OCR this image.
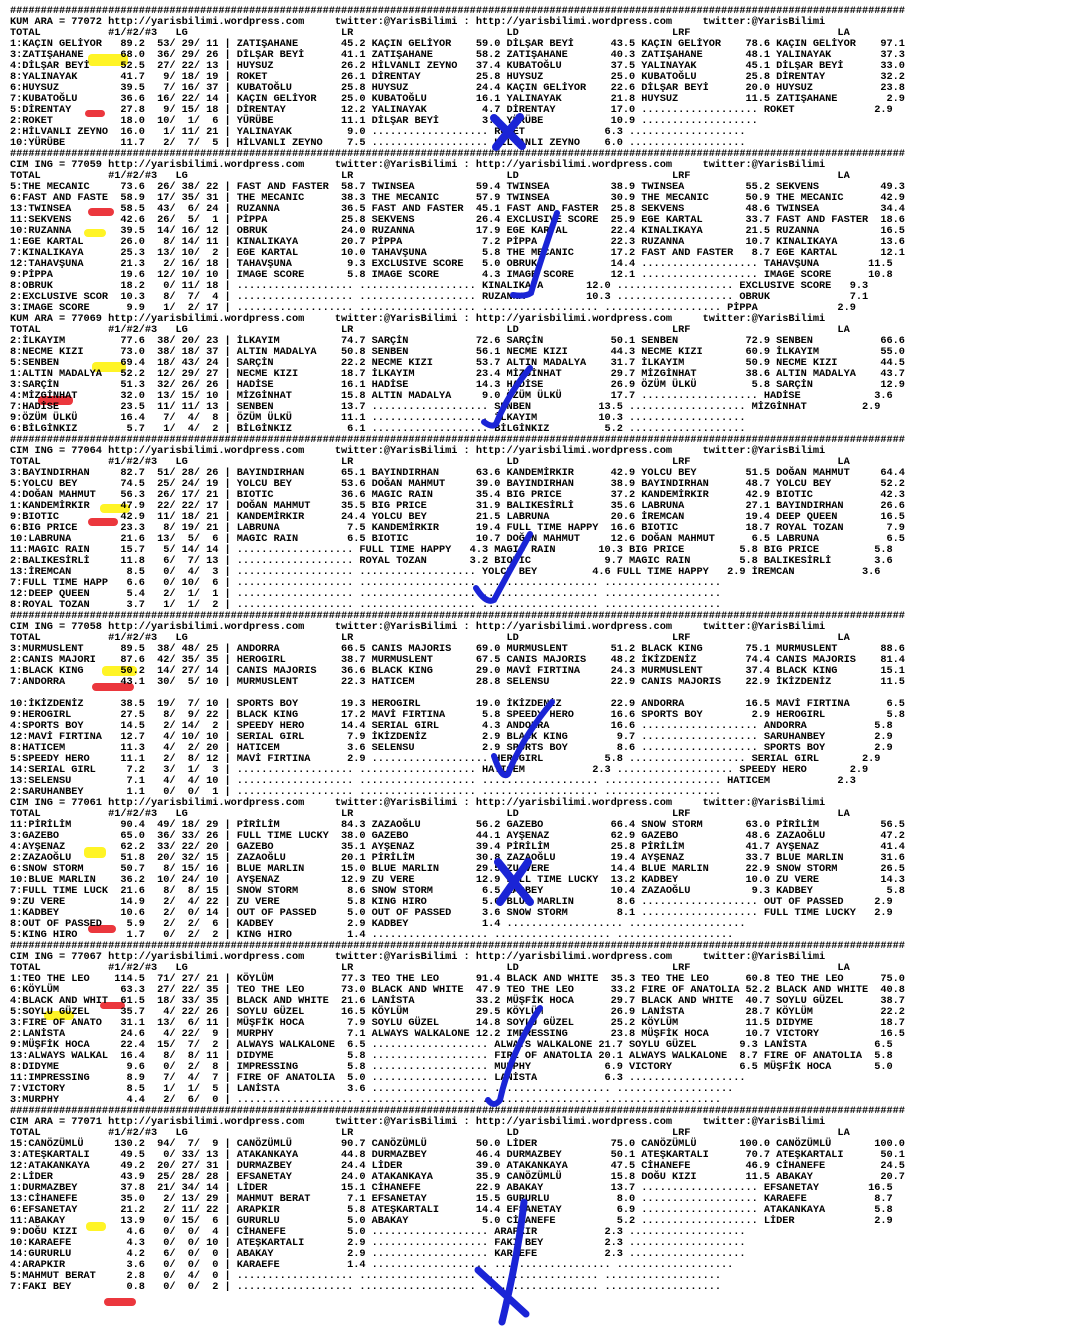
##################################################################################################################################################
KUM ARA = 77072 http://yarisbilimi.wordpress.com     twitter:@YarisBilimi : http://yarisbilimi.wordpress.com     twitter:@YarisBilimi
TOTAL           #1/#2/#3   LG                         LR                         LD                         LRF                        LA
1:KAÇIN GELİYOR   89.2  53/ 29/ 11 | ZATIŞAHANE       45.2 KAÇIN GELİYOR    59.0 DİLŞAR BEYİ      43.5 KAÇIN GELİYOR    78.6 KAÇIN GELİYOR    97.1
3:ZATIŞAHANE      68.0  36/ 29/ 26 | DİLŞAR BEYİ      41.1 ZATIŞAHANE       58.2 ZATIŞAHANE       40.3 ZATIŞAHANE       48.1 YALINAYAK        37.3
4:DİLŞAR BEYİ     52.5  27/ 22/ 13 | HUYSUZ           26.2 HİLVANLI ZEYNO   37.4 KUBATOĞLU        37.5 YALINAYAK        45.1 DİLŞAR BEYİ      33.0
8:YALINAYAK       41.7   9/ 18/ 19 | ROKET            26.1 DİRENTAY         25.8 HUYSUZ           25.0 KUBATOĞLU        25.8 DİRENTAY         32.2
6:HUYSUZ          39.5   7/ 16/ 37 | KUBATOĞLU        25.8 HUYSUZ           24.4 KAÇIN GELİYOR    22.6 DİLŞAR BEYİ      20.0 HUYSUZ           23.8
7:KUBATOĞLU       36.6  16/ 22/ 14 | KAÇIN GELİYOR    25.0 KUBATOĞLU        16.1 YALINAYAK        21.8 HUYSUZ           11.5 ZATIŞAHANE        2.9
5:DİRENTAY        27.8   9/ 15/ 18 | DİRENTAY         12.2 YALINAYAK         4.7 DİRENTAY         17.0 ................... ROKET             2.9
2:ROKET           18.0  10/  1/  6 | YÜRÜBE           11.1 DİLŞAR BEYİ       3.6 YÜRÜBE           10.9 ...................
2:HİLVANLI ZEYNO  16.0   1/ 11/ 21 | YALINAYAK         9.0 ................... ROKET             6.3 ...................
10:YÜRÜBE         11.7   2/  7/  5 | HİLVANLI ZEYNO    7.5 ................... HİLVANLI ZEYNO    6.0 ...................
##################################################################################################################################################
CIM ING = 77059 http://yarisbilimi.wordpress.com     twitter:@YarisBilimi : http://yarisbilimi.wordpress.com     twitter:@YarisBilimi
TOTAL           #1/#2/#3   LG                         LR                         LD                         LRF                        LA
5:THE MECANIC     73.6  26/ 38/ 22 | FAST AND FASTER  58.7 TWINSEA          59.4 TWINSEA          38.9 TWINSEA          55.2 SEKVENS          49.3
6:FAST AND FASTE  58.9  17/ 35/ 31 | THE MECANIC      38.3 THE MECANIC      57.9 TWINSEA          30.9 THE MECANIC      50.9 THE MECANIC      42.9
13:TWINSEA        58.5  43/  6/ 24 | RUZANNA          36.5 FAST AND FASTER  45.1 FAST AND FASTER  25.8 SEKVENS          48.6 TWINSEA          34.4
11:SEKVENS        42.6  26/  5/  1 | PİPPA            25.8 SEKVENS          26.4 EXCLUSIVE SCORE  25.9 EGE KARTAL       33.7 FAST AND FASTER  18.6
10:RUZANNA        39.5  14/ 16/ 12 | OBRUK            24.0 RUZANNA          17.9 EGE KARTAL       22.4 KINALIKAYA       21.5 RUZANNA          16.5
1:EGE KARTAL      26.0   8/ 14/ 11 | KINALIKAYA       20.7 PİPPA             7.2 PİPPA            22.3 RUZANNA          10.7 KINALIKAYA       13.6
7:KINALIKAYA      25.3  13/ 10/  2 | EGE KARTAL       10.0 TAHAVŞUNA         5.8 THE MECANIC      17.2 FAST AND FASTER   8.7 EGE KARTAL       12.1
12:TAHAVŞUNA      21.3   2/ 16/ 18 | TAHAVŞUNA         9.3 EXCLUSIVE SCORE   5.0 OBRUK            14.4 ................... TAHAVŞUNA        11.5
9:PİPPA           19.6  12/ 10/ 10 | IMAGE SCORE       5.8 IMAGE SCORE       4.3 IMAGE SCORE      12.1 ................... IMAGE SCORE      10.8
8:OBRUK           18.2   0/ 11/ 18 | ................... ................... KINALIKAYA       12.0 ................... EXCLUSIVE SCORE   9.3
2:EXCLUSIVE SCOR  10.3   8/  7/  4 | ................... ................... RUZANNA          10.3 ................... OBRUK             7.1
3:IMAGE SCORE      9.9   1/  2/ 17 | ................... ................... ................... ................... PİPPA             2.9
KUM ARA = 77069 http://yarisbilimi.wordpress.com     twitter:@YarisBilimi : http://yarisbilimi.wordpress.com     twitter:@YarisBilimi
TOTAL           #1/#2/#3   LG                         LR                         LD                         LRF                        LA
2:İLKAYIM         77.6  38/ 20/ 23 | İLKAYIM          74.7 SARÇİN           72.6 SARÇİN           50.1 SENBEN           72.9 SENBEN           66.6
8:NECME KIZI      73.0  38/ 18/ 37 | ALTIN MADALYA    50.8 SENBEN           56.1 NECME KIZI       44.3 NECME KIZI       60.9 İLKAYIM          55.0
5:SENBEN          69.4  18/ 43/ 24 | SARÇİN           22.2 NECME KIZI       53.7 ALTIN MADALYA    31.7 İLKAYIM          50.9 NECME KIZI       44.5
1:ALTIN MADALYA   52.2  12/ 29/ 27 | NECME KIZI       18.7 İLKAYIM          23.4 MİZGİNHAT        29.7 MİZGİNHAT        38.6 ALTIN MADALYA    43.7
3:SARÇİN          51.3  32/ 26/ 26 | HADİSE           16.1 HADİSE           14.3 HADİSE           26.9 ÖZÜM ÜLKÜ         5.8 SARÇİN           12.9
4:MİZGİNHAT       32.0  13/ 15/ 10 | MİZGİNHAT        15.8 ALTIN MADALYA     9.0 ÖZÜM ÜLKÜ        17.7 ................... HADİSE            3.6
7:HADİSE          23.5  11/ 11/ 13 | SENBEN           13.7 ................... SENBEN           13.5 ................... MİZGİNHAT         2.9
9:ÖZÜM ÜLKÜ       16.4   7/  4/  8 | ÖZÜM ÜLKÜ        11.1 ................... İLKAYIM          10.3 ...................
6:BİLGİNKIZ        5.7   1/  4/  2 | BİLGİNKIZ         6.1 ................... BİLGİNKIZ         5.2 ...................
##################################################################################################################################################
CIM ING = 77064 http://yarisbilimi.wordpress.com     twitter:@YarisBilimi : http://yarisbilimi.wordpress.com     twitter:@YarisBilimi
TOTAL           #1/#2/#3   LG                         LR                         LD                         LRF                        LA
3:BAYINDIRHAN     82.7  51/ 28/ 26 | BAYINDIRHAN      65.1 BAYINDIRHAN      63.6 KANDEMİRKIR      42.9 YOLCU BEY        51.5 DOĞAN MAHMUT     64.4
5:YOLCU BEY       74.5  25/ 24/ 19 | YOLCU BEY        53.6 DOĞAN MAHMUT     39.0 BAYINDIRHAN      38.9 BAYINDIRHAN      48.7 YOLCU BEY        52.2
4:DOĞAN MAHMUT    56.3  26/ 17/ 21 | BIOTIC           36.6 MAGIC RAIN       35.4 BIG PRICE        37.2 KANDEMİRKIR      42.9 BIOTIC           42.3
1:KANDEMİRKIR     47.9  22/ 22/ 17 | DOĞAN MAHMUT     35.5 BIG PRICE        31.9 BALIKESİRLİ      35.6 LABRUNA          27.1 BAYINDIRHAN      26.6
9:BIOTIC          42.9  11/ 18/ 21 | KANDEMİRKIR      24.4 YOLCU BEY        21.5 LABRUNA          20.6 İREMCAN          19.4 DEEP QUEEN       16.5
6:BIG PRICE       23.3   8/ 19/ 21 | LABRUNA           7.5 KANDEMİRKIR      19.4 FULL TIME HAPPY  16.6 BIOTIC           18.7 ROYAL TOZAN       7.9
10:LABRUNA        21.6  13/  5/  6 | MAGIC RAIN        6.5 BIOTIC           10.7 DOĞAN MAHMUT     12.6 DOĞAN MAHMUT      6.5 LABRUNA           6.5
11:MAGIC RAIN     15.7   5/ 14/ 14 | ................... FULL TIME HAPPY   4.3 MAGIC RAIN       10.3 BIG PRICE         5.8 BIG PRICE         5.8
2:BALIKESİRLİ     11.8   6/  7/ 13 | ................... ROYAL TOZAN       3.2 BIOTIC            9.7 MAGIC RAIN        5.8 BALIKESİRLİ       3.6
13:İREMCAN         8.5   0/  4/  3 | ................... ................... YOLCU BEY         4.6 FULL TIME HAPPY   2.9 İREMCAN           3.6
7:FULL TIME HAPP   6.6   0/ 10/  6 | ................... ................... ................... ...................
12:DEEP QUEEN      5.4   2/  1/  1 | ................... ................... ................... ...................
8:ROYAL TOZAN      3.7   1/  1/  2 | ................... ................... ................... ...................
##################################################################################################################################################
CIM ING = 77058 http://yarisbilimi.wordpress.com     twitter:@YarisBilimi : http://yarisbilimi.wordpress.com     twitter:@YarisBilimi
TOTAL           #1/#2/#3   LG                         LR                         LD                         LRF                        LA
3:MURMUSLENT      89.5  38/ 48/ 25 | ANDORRA          66.5 CANIS MAJORIS    69.0 MURMUSLENT       51.2 BLACK KING       75.1 MURMUSLENT       88.6
2:CANIS MAJORI    87.6  42/ 35/ 35 | HEROGIRL         38.7 MURMUSLENT       67.5 CANIS MAJORIS    48.2 İKİZDENİZ        74.4 CANIS MAJORIS    81.4
1:BLACK KING      50.2  14/ 27/ 14 | CANIS MAJORIS    36.6 BLACK KING       29.0 MAVİ FIRTINA     24.3 MURMUSLENT       37.4 BLACK KING       15.1
7:ANDORRA         43.1  30/  5/ 10 | MURMUSLENT       22.3 HATICEM          28.8 SELENSU          22.9 CANIS MAJORIS    22.9 İKİZDENİZ        11.5
10:İKİZDENİZ      38.5  19/  7/ 10 | SPORTS BOY       19.3 HEROGIRL         19.0 İKİZDENİZ        22.9 ANDORRA          16.5 MAVİ FIRTINA      6.5
9:HEROGIRL        27.5   8/  9/ 22 | BLACK KING       17.2 MAVİ FIRTINA      5.8 SPEEDY HERO      16.6 SPORTS BOY        2.9 HEROGIRL          5.8
4:SPORTS BOY      14.5   2/ 14/  2 | SPEEDY HERO      14.4 SERIAL GIRL       4.3 ANDORRA          16.6 ................... ANDORRA           5.8
12:MAVİ FIRTINA   12.7   4/ 10/ 10 | SERIAL GIRL       7.9 İKİZDENİZ         2.9 BLACK KING        9.7 ................... SARUHANBEY        2.9
8:HATICEM         11.3   4/  2/ 20 | HATICEM           3.6 SELENSU           2.9 SPORTS BOY        8.6 ................... SPORTS BOY        2.9
5:SPEEDY HERO     11.1   2/  8/ 12 | MAVİ FIRTINA      2.9 ................... HEROGIRL          5.8 ................... SERIAL GIRL       2.9
14:SERIAL GIRL     7.2   3/  1/  3 | ................... ................... HATICEM           2.3 ................... SPEEDY HERO       2.9
13:SELENSU         7.1   4/  4/ 10 | ................... ................... ................... ................... HATICEM           2.3
2:SARUHANBEY       1.1   0/  0/  1 | ................... ................... ................... ...................
CIM ING = 77061 http://yarisbilimi.wordpress.com     twitter:@YarisBilimi : http://yarisbilimi.wordpress.com     twitter:@YarisBilimi
TOTAL           #1/#2/#3   LG                         LR                         LD                         LRF                        LA
11:PİRİLİM        90.4  49/ 18/ 29 | PİRİLİM          84.3 ZAZAOĞLU         56.2 GAZEBO           66.4 SNOW STORM       63.0 PİRİLİM          56.5
3:GAZEBO          65.0  36/ 33/ 26 | FULL TIME LUCKY  38.0 GAZEBO           44.1 AYŞENAZ          62.9 GAZEBO           48.6 ZAZAOĞLU         47.2
4:AYŞENAZ         62.2  33/ 22/ 20 | GAZEBO           35.1 AYŞENAZ          39.4 PİRİLİM          25.8 PİRİLİM          41.7 AYŞENAZ          41.4
2:ZAZAOĞLU        51.8  20/ 32/ 15 | ZAZAOĞLU         20.1 PİRİLİM          30.8 ZAZAOĞLU         19.4 AYŞENAZ          33.7 BLUE MARLIN      31.6
6:SNOW STORM      50.7   8/ 15/ 16 | BLUE MARLIN      15.0 BLUE MARLIN      29.5 ZU VERE          14.4 BLUE MARLIN      22.9 SNOW STORM       26.5
10:BLUE MARLIN    36.2  10/ 24/ 10 | AYŞENAZ          12.9 ZU VERE          12.9 FULL TIME LUCKY  13.2 KADBEY           10.0 ZU VERE          14.3
7:FULL TIME LUCK  21.6   8/  8/ 15 | SNOW STORM        8.6 SNOW STORM        6.5 KADBEY           10.4 ZAZAOĞLU          9.3 KADBEY            5.8
9:ZU VERE         14.9   2/  4/ 22 | ZU VERE           5.8 KING HIRO         5.0 BLUE MARLIN       8.6 ................... OUT OF PASSED     2.9
1:KADBEY          10.6   2/  0/ 14 | OUT OF PASSED     5.0 OUT OF PASSED     3.6 SNOW STORM        8.1 ................... FULL TIME LUCKY   2.9
8:OUT OF PASSED    5.9   2/  2/  6 | KADBEY            2.9 KADBEY            1.4 ................... ...................
5:KING HIRO        1.7   0/  2/  2 | KING HIRO         1.4 ................... ................... ...................
##################################################################################################################################################
CIM ING = 77067 http://yarisbilimi.wordpress.com     twitter:@YarisBilimi : http://yarisbilimi.wordpress.com     twitter:@YarisBilimi
TOTAL           #1/#2/#3   LG                         LR                         LD                         LRF                        LA
1:TEO THE LEO    114.5  71/ 27/ 21 | KÖYLÜM           77.3 TEO THE LEO      91.4 BLACK AND WHITE  35.3 TEO THE LEO      60.8 TEO THE LEO      75.0
6:KÖYLÜM          63.3  27/ 22/ 35 | TEO THE LEO      73.0 BLACK AND WHITE  47.9 TEO THE LEO      33.2 FIRE OF ANATOLIA 52.2 BLACK AND WHITE  40.8
4:BLACK AND WHIT  61.5  18/ 33/ 35 | BLACK AND WHITE  21.6 LANİSTA          33.2 MÜŞFİK HOCA      29.7 BLACK AND WHITE  40.7 SOYLU GÜZEL      38.7
5:SOYLU GÜZEL     35.7   4/ 22/ 26 | SOYLU GÜZEL      16.5 KÖYLÜM           29.5 KÖYLÜM           26.9 LANİSTA          28.7 KÖYLÜM           22.2
3:FIRE OF ANATO   31.1  13/  6/ 11 | MÜŞFİK HOCA       7.9 SOYLU GÜZEL      14.8 SOYLU GÜZEL      25.2 KÖYLÜM           11.5 DIDYME           18.7
2:LANİSTA         24.6   4/ 22/  9 | MURPHY            7.1 ALWAYS WALKALONE 12.2 IMPRESSING       23.8 MÜŞFİK HOCA      10.7 VICTORY          16.5
9:MÜŞFİK HOCA     22.4  15/  7/  2 | ALWAYS WALKALONE  6.5 ................... ALWAYS WALKALONE 21.7 SOYLU GÜZEL       9.3 LANİSTA           6.5
13:ALWAYS WALKAL  16.4   8/  8/ 11 | DIDYME            5.8 ................... FIRE OF ANATOLIA 20.1 ALWAYS WALKALONE  8.7 FIRE OF ANATOLIA  5.8
8:DIDYME           9.6   0/  2/  8 | IMPRESSING        5.8 ................... MURPHY            6.9 VICTORY           6.5 MÜŞFİK HOCA       5.0
11:IMPRESSING      8.9   7/  4/  7 | FIRE OF ANATOLIA  5.0 ................... LANİSTA           6.3 ...................
7:VICTORY          8.5   1/  1/  5 | LANİSTA           3.6 ................... ................... ...................
3:MURPHY           4.4   2/  6/  0 | ................... ................... ................... ...................
##################################################################################################################################################
CIM ARA = 77071 http://yarisbilimi.wordpress.com     twitter:@YarisBilimi : http://yarisbilimi.wordpress.com     twitter:@YarisBilimi
TOTAL           #1/#2/#3   LG                         LR                         LD                         LRF                        LA
15:CANÖZÜMLÜ     130.2  94/  7/  9 | CANÖZÜMLÜ        90.7 CANÖZÜMLÜ        50.0 LİDER            75.0 CANÖZÜMLÜ       100.0 CANÖZÜMLÜ       100.0
3:ATEŞKARTALI     49.5   0/ 33/ 13 | ATAKANKAYA       44.8 DURMAZBEY        46.4 DURMAZBEY        50.1 ATEŞKARTALI      70.7 ATEŞKARTALI      50.1
12:ATAKANKAYA     49.2  20/ 27/ 31 | DURMAZBEY        24.4 LİDER            39.0 ATAKANKAYA       47.5 CİHANEFE         46.9 CİHANEFE         24.5
2:LİDER           43.9  25/ 28/ 28 | EFSANETAY        24.0 ATAKANKAYA       35.9 CANÖZÜMLÜ        15.8 DOĞU KIZI        11.5 ABAKAY           20.7
1:DURMAZBEY       37.8  21/ 34/ 14 | LİDER            15.1 CİHANEFE         22.9 ABAKAY           13.7 ................... EFSANETAY        16.5
13:CİHANEFE       35.0   2/ 13/ 29 | MAHMUT BERAT      7.1 EFSANETAY        15.5 GURURLU           8.0 ................... KARAEFE           8.7
6:EFSANETAY       21.2   2/ 11/ 22 | ARAPKIR           5.8 ATEŞKARTALI      14.4 EFSANETAY         6.9 ................... ATAKANKAYA        5.8
11:ABAKAY         13.9   0/ 15/  6 | GURURLU           5.0 ABAKAY            5.0 CİHANEFE          5.2 ................... LİDER             2.9
9:DOĞU KIZI        4.6   0/  0/  4 | CİHANEFE          5.0 ................... ARAPKIR           2.3 ...................
10:KARAEFE         4.3   0/  0/ 10 | ATEŞKARTALI       2.9 ................... FAKI BEY          2.3 ...................
14:GURURLU         4.2   6/  0/  0 | ABAKAY            2.9 ................... KARAEFE           2.3 ...................
4:ARAPKIR          3.6   0/  0/  0 | KARAEFE           1.4 ................... ................... ...................
5:MAHMUT BERAT     2.8   0/  4/  0 | ................... ................... ................... ...................
7:FAKI BEY         0.8   0/  0/  2 | ................... ................... ................... ...................
